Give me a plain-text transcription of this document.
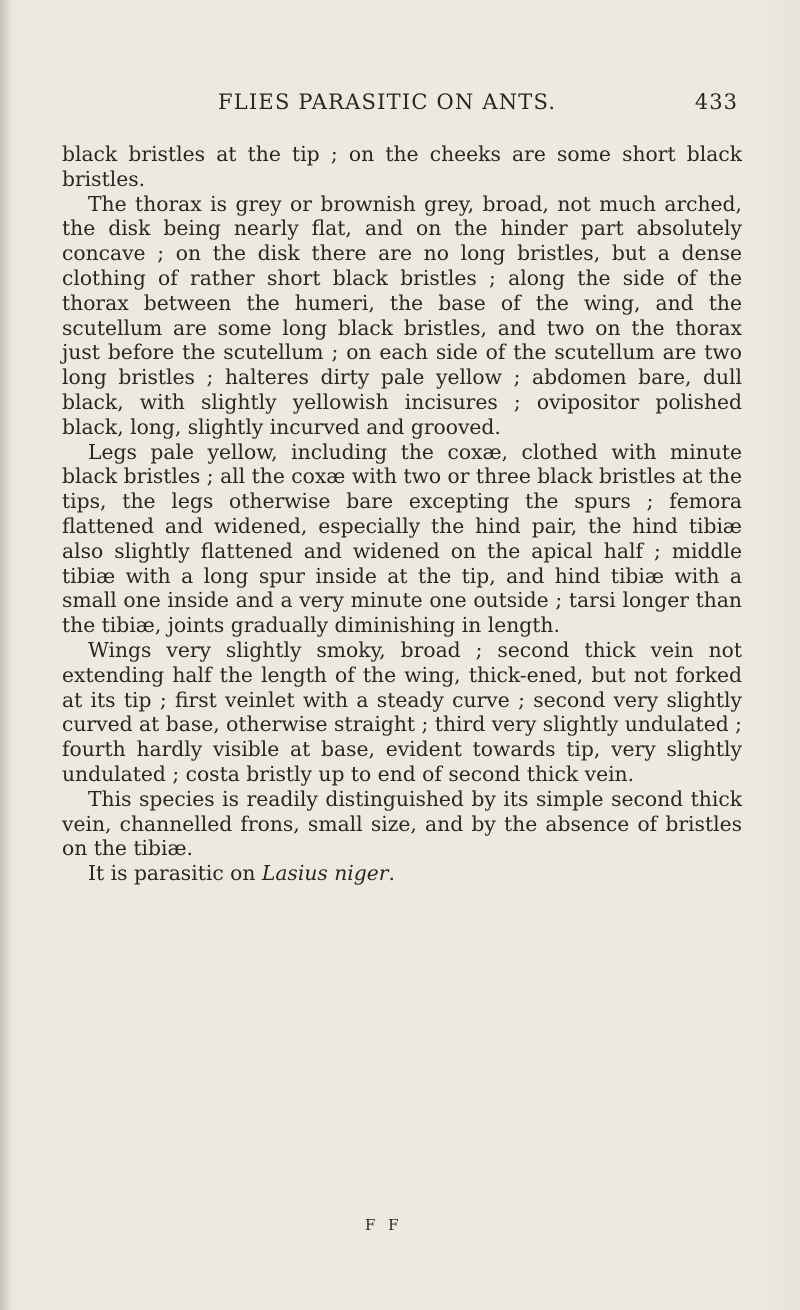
FLIES PARASITIC ON ANTS.	433

black bristles at the tip ; on the cheeks are some short black bristles.

The thorax is grey or brownish grey, broad, not much arched, the disk being nearly flat, and on the hinder part absolutely concave ; on the disk there are no long bristles, but a dense clothing of rather short black bristles ; along the side of the thorax between the humeri, the base of the wing, and the scutellum are some long black bristles, and two on the thorax just before the scutellum ; on each side of the scutellum are two long bristles ; halteres dirty pale yellow ; abdomen bare, dull black, with slightly yellowish incisures ; ovipositor polished black, long, slightly incurved and grooved.

Legs pale yellow, including the coxæ, clothed with minute black bristles ; all the coxæ with two or three black bristles at the tips, the legs otherwise bare excepting the spurs ; femora flattened and widened, especially the hind pair, the hind tibiæ also slightly flattened and widened on the apical half ; middle tibiæ with a long spur inside at the tip, and hind tibiæ with a small one inside and a very minute one outside ; tarsi longer than the tibiæ, joints gradually diminishing in length.

Wings very slightly smoky, broad ; second thick vein not extending half the length of the wing, thick-ened, but not forked at its tip ; first veinlet with a steady curve ; second very slightly curved at base, otherwise straight ; third very slightly undulated ; fourth hardly visible at base, evident towards tip, very slightly undulated ; costa bristly up to end of second thick vein.

This species is readily distinguished by its simple second thick vein, channelled frons, small size, and by the absence of bristles on the tibiæ.

It is parasitic on Lasius niger.

F F
